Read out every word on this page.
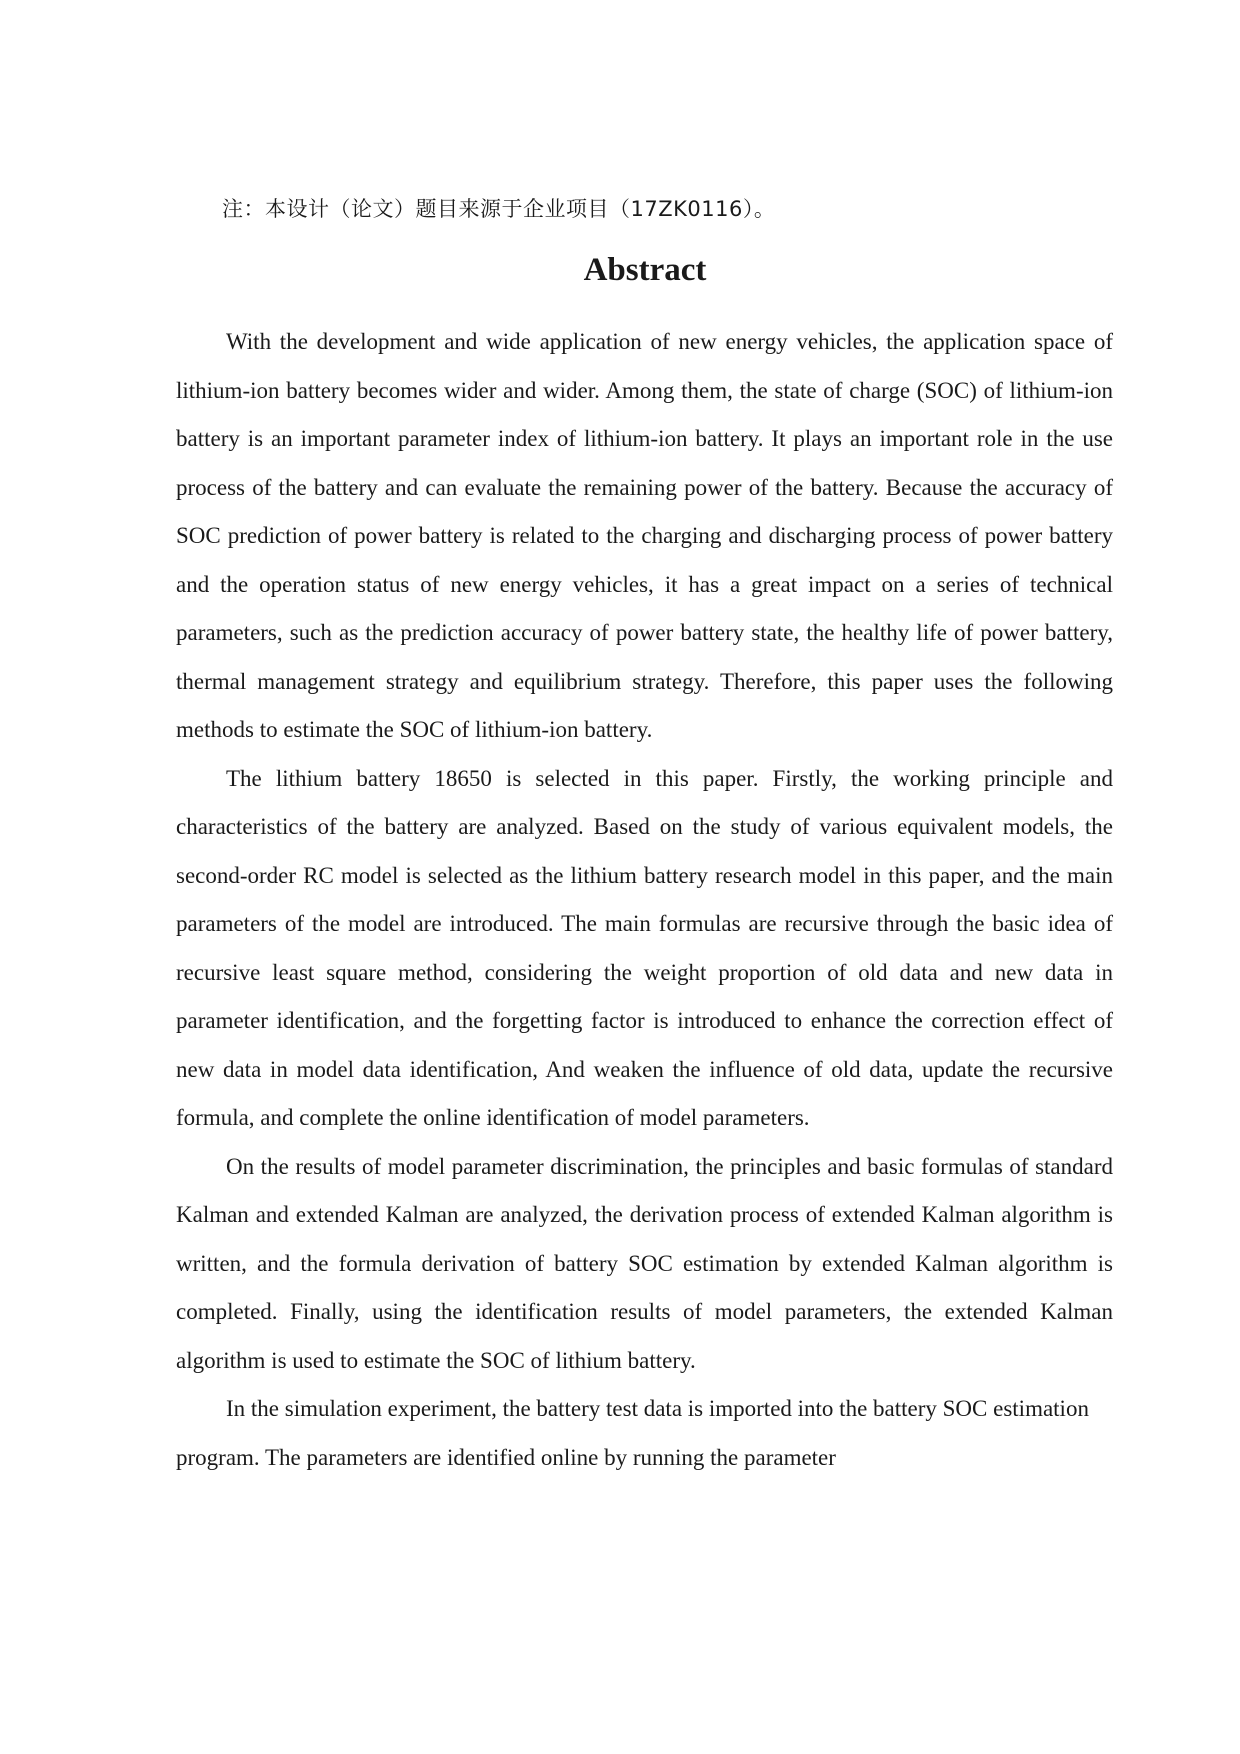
注：本设计（论文）题目来源于企业项目（17ZK0116）。
Abstract

With the development and wide application of new energy vehicles, the application space of lithium-ion battery becomes wider and wider. Among them, the state of charge (SOC) of lithium-ion battery is an important parameter index of lithium-ion battery. It plays an important role in the use process of the battery and can evaluate the remaining power of the battery. Because the accuracy of SOC prediction of power battery is related to the charging and discharging process of power battery and the operation status of new energy vehicles, it has a great impact on a series of technical parameters, such as the prediction accuracy of power battery state, the healthy life of power battery, thermal management strategy and equilibrium strategy. Therefore, this paper uses the following methods to estimate the SOC of lithium-ion battery.

The lithium battery 18650 is selected in this paper. Firstly, the working principle and characteristics of the battery are analyzed. Based on the study of various equivalent models, the second-order RC model is selected as the lithium battery research model in this paper, and the main parameters of the model are introduced. The main formulas are recursive through the basic idea of recursive least square method, considering the weight proportion of old data and new data in parameter identification, and the forgetting factor is introduced to enhance the correction effect of new data in model data identification, And weaken the influence of old data, update the recursive formula, and complete the online identification of model parameters.

On the results of model parameter discrimination, the principles and basic formulas of standard Kalman and extended Kalman are analyzed, the derivation process of extended Kalman algorithm is written, and the formula derivation of battery SOC estimation by extended Kalman algorithm is completed. Finally, using the identification results of model parameters, the extended Kalman algorithm is used to estimate the SOC of lithium battery.

In the simulation experiment, the battery test data is imported into the battery SOC estimation program. The parameters are identified online by running the parameter
